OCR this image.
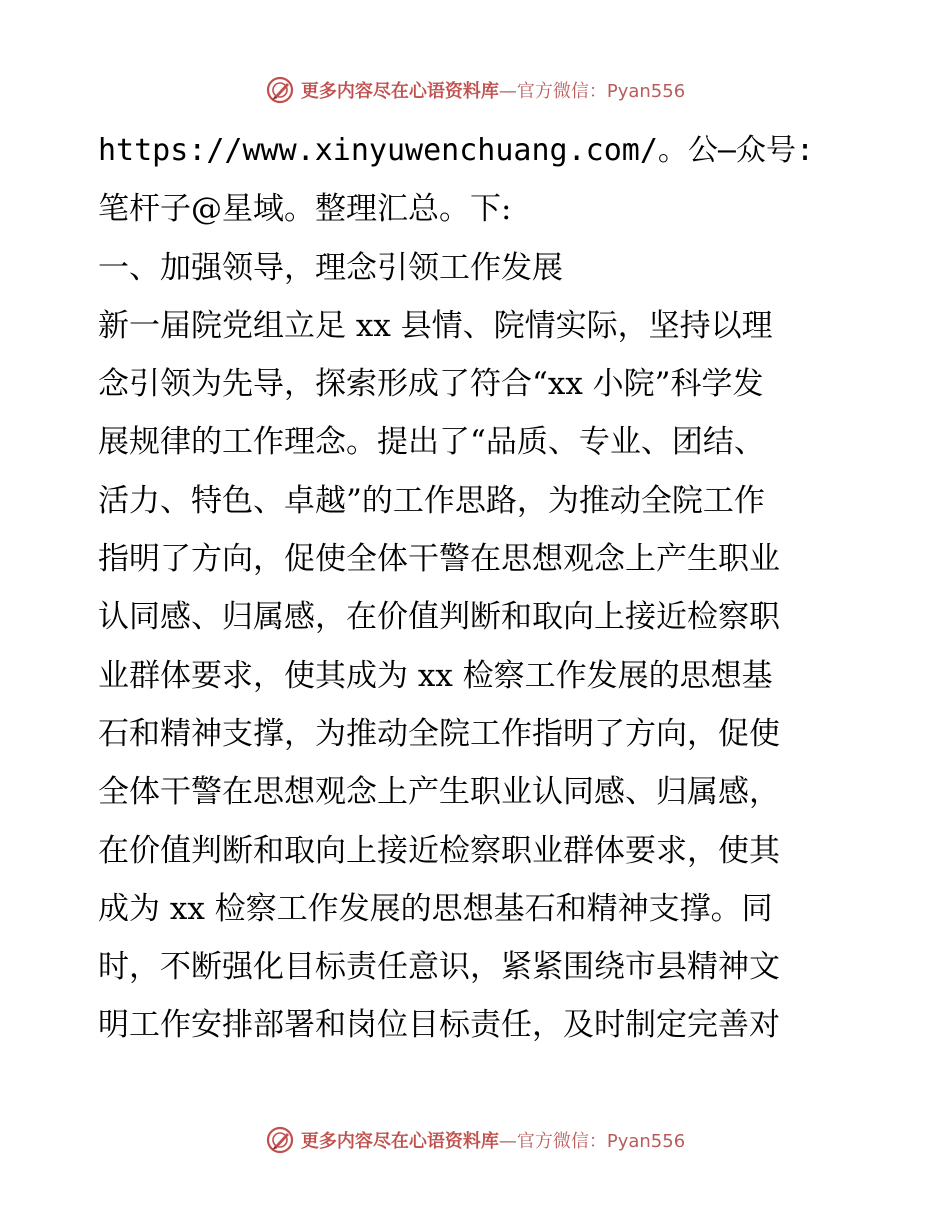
更多内容尽在心语资料库—官方微信：Pyan556
https://www.xinyuwenchuang.com/。公—众号:
笔杆子@星域。整理汇总。下:
一、加强领导，理念引领工作发展
新一届院党组立足 xx 县情、院情实际，坚持以理
念引领为先导，探索形成了符合“xx 小院”科学发
展规律的工作理念。提出了“品质、专业、团结、
活力、特色、卓越”的工作思路，为推动全院工作
指明了方向，促使全体干警在思想观念上产生职业
认同感、归属感，在价值判断和取向上接近检察职
业群体要求，使其成为 xx 检察工作发展的思想基
石和精神支撑，为推动全院工作指明了方向，促使
全体干警在思想观念上产生职业认同感、归属感，
在价值判断和取向上接近检察职业群体要求，使其
成为 xx 检察工作发展的思想基石和精神支撑。同
时，不断强化目标责任意识，紧紧围绕市县精神文
明工作安排部署和岗位目标责任，及时制定完善对
更多内容尽在心语资料库—官方微信：Pyan556
